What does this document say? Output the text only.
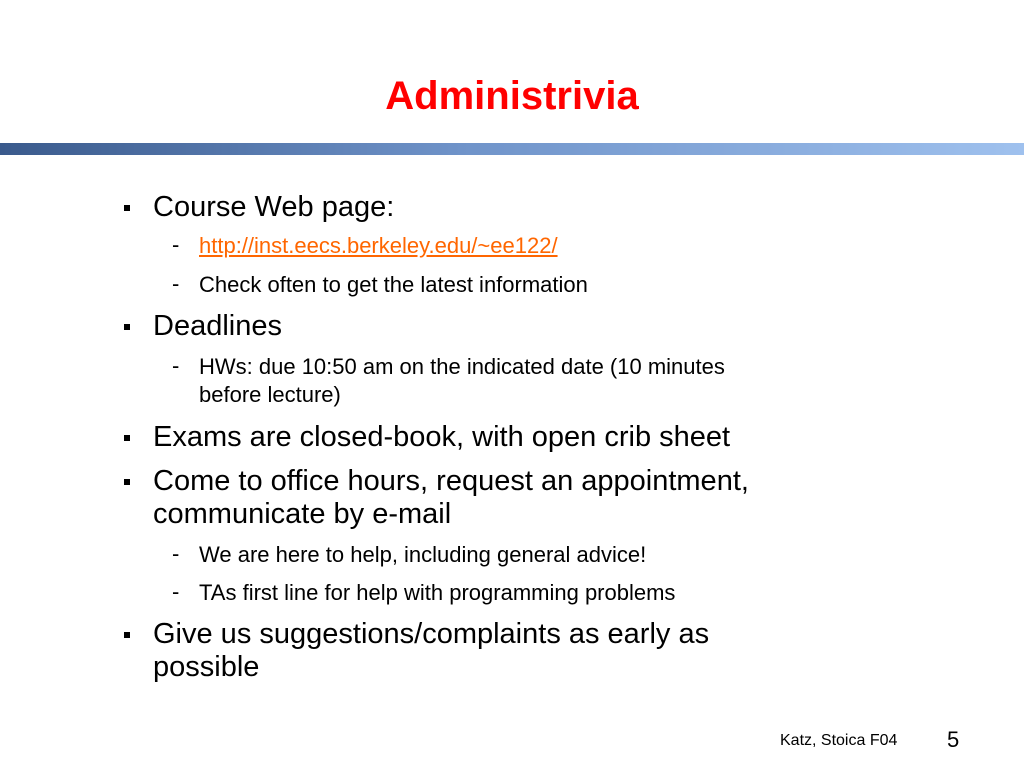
Administrivia
Course Web page:
- http://inst.eecs.berkeley.edu/~ee122/
- Check often to get the latest information
Deadlines
- HWs: due 10:50 am on the indicated date (10 minutes
before lecture)
Exams are closed-book, with open crib sheet
Come to office hours, request an appointment,
communicate by e-mail
- We are here to help, including general advice!
- TAs first line for help with programming problems
Give us suggestions/complaints as early as
possible
Katz, Stoica F04 5
